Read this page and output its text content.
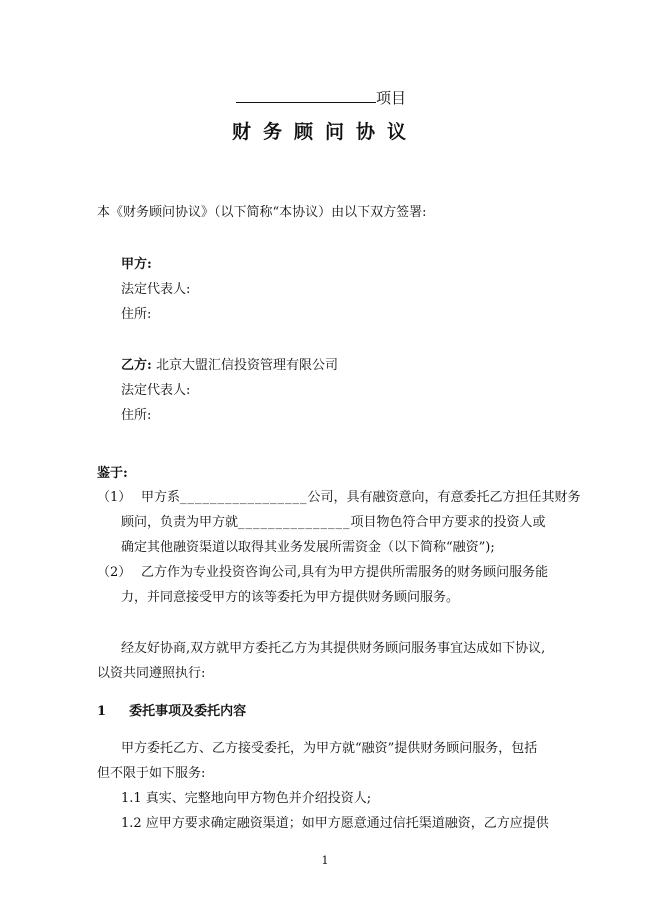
项目
财务顾问协议
本《财务顾问协议》（以下简称“本协议）由以下双方签署:
甲方:
法定代表人:
住所:
乙方: 北京大盟汇信投资管理有限公司
法定代表人:
住所:
鉴于:
（1） 甲方系_________________公司，具有融资意向，有意委托乙方担任其财务
顾问，负责为甲方就_______________项目物色符合甲方要求的投资人或
确定其他融资渠道以取得其业务发展所需资金（以下简称“融资”);
（2） 乙方作为专业投资咨询公司,具有为甲方提供所需服务的财务顾问服务能
力，并同意接受甲方的该等委托为甲方提供财务顾问服务。
经友好协商,双方就甲方委托乙方为其提供财务顾问服务事宜达成如下协议,
以资共同遵照执行:
1 委托事项及委托内容
甲方委托乙方、乙方接受委托，为甲方就“融资”提供财务顾问服务，包括
但不限于如下服务:
1.1 真实、完整地向甲方物色并介绍投资人;
1.2 应甲方要求确定融资渠道；如甲方愿意通过信托渠道融资，乙方应提供
1
